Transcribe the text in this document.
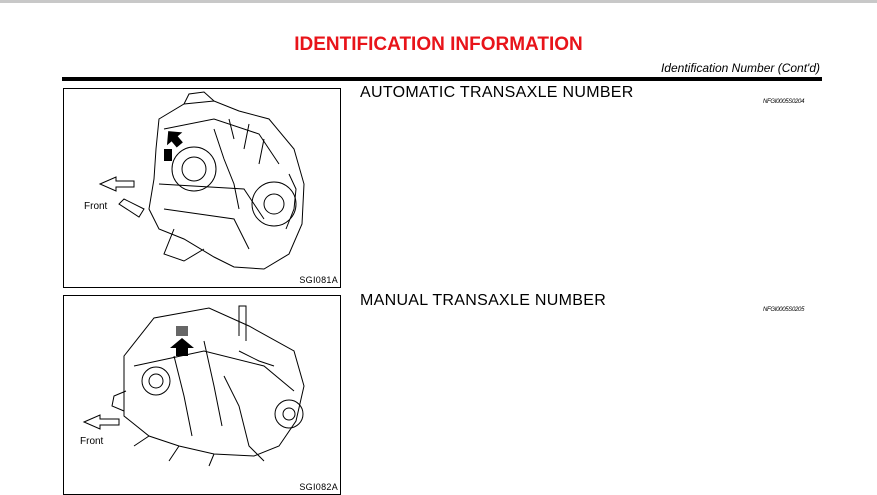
IDENTIFICATION INFORMATION
Identification Number (Cont'd)
Front
SGI081A
AUTOMATIC TRANSAXLE NUMBER
NFGI0005S0204
Front
SGI082A
MANUAL TRANSAXLE NUMBER
NFGI0005S0205
